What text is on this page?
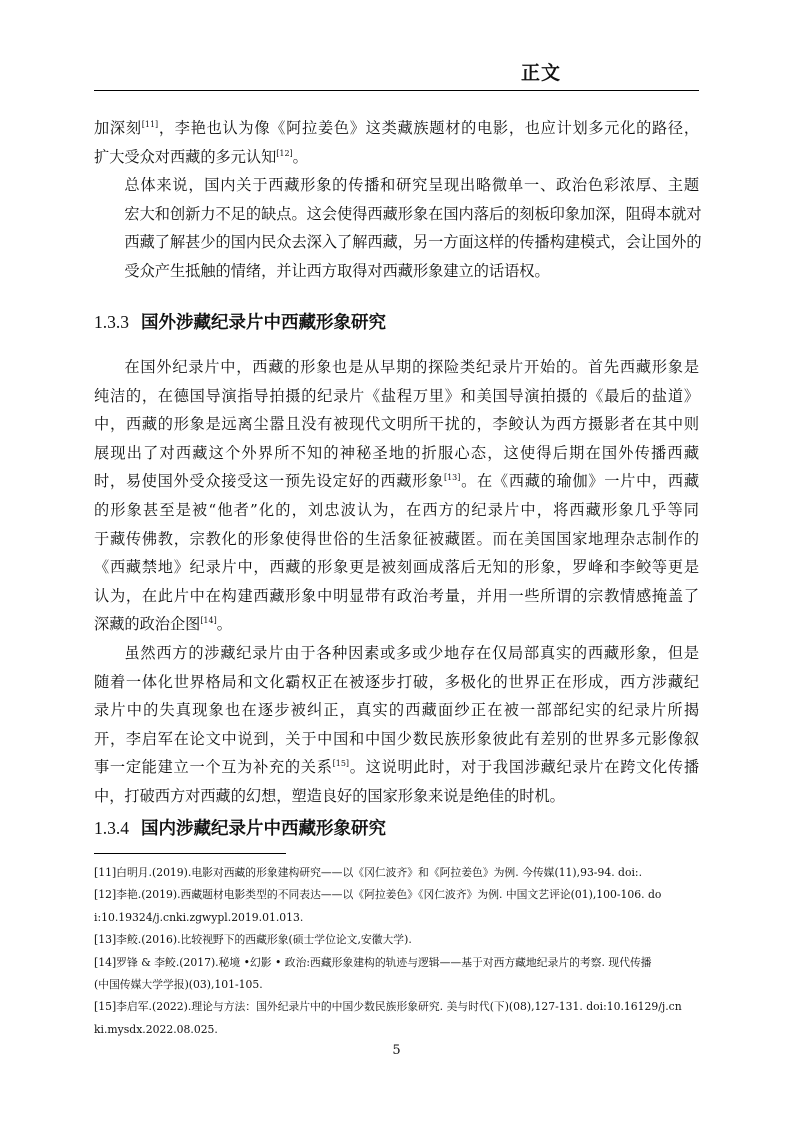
正文
加深刻[11]，李艳也认为像《阿拉姜色》这类藏族题材的电影，也应计划多元化的路径，
扩大受众对西藏的多元认知[12]。
总体来说，国内关于西藏形象的传播和研究呈现出略微单一、政治色彩浓厚、主题
宏大和创新力不足的缺点。这会使得西藏形象在国内落后的刻板印象加深，阻碍本就对
西藏了解甚少的国内民众去深入了解西藏，另一方面这样的传播构建模式，会让国外的
受众产生抵触的情绪，并让西方取得对西藏形象建立的话语权。
1.3.3 国外涉藏纪录片中西藏形象研究
在国外纪录片中，西藏的形象也是从早期的探险类纪录片开始的。首先西藏形象是
纯洁的，在德国导演指导拍摄的纪录片《盐程万里》和美国导演拍摄的《最后的盐道》
中，西藏的形象是远离尘嚣且没有被现代文明所干扰的，李鲛认为西方摄影者在其中则
展现出了对西藏这个外界所不知的神秘圣地的折服心态，这使得后期在国外传播西藏
时，易使国外受众接受这一预先设定好的西藏形象[13]。在《西藏的瑜伽》一片中，西藏
的形象甚至是被“他者”化的，刘忠波认为，在西方的纪录片中，将西藏形象几乎等同
于藏传佛教，宗教化的形象使得世俗的生活象征被藏匿。而在美国国家地理杂志制作的
《西藏禁地》纪录片中，西藏的形象更是被刻画成落后无知的形象，罗峰和李鲛等更是
认为，在此片中在构建西藏形象中明显带有政治考量，并用一些所谓的宗教情感掩盖了
深藏的政治企图[14]。
虽然西方的涉藏纪录片由于各种因素或多或少地存在仅局部真实的西藏形象，但是
随着一体化世界格局和文化霸权正在被逐步打破，多极化的世界正在形成，西方涉藏纪
录片中的失真现象也在逐步被纠正，真实的西藏面纱正在被一部部纪实的纪录片所揭
开，李启军在论文中说到，关于中国和中国少数民族形象彼此有差别的世界多元影像叙
事一定能建立一个互为补充的关系[15]。这说明此时，对于我国涉藏纪录片在跨文化传播
中，打破西方对西藏的幻想，塑造良好的国家形象来说是绝佳的时机。
1.3.4 国内涉藏纪录片中西藏形象研究
[11]白明月.(2019).电影对西藏的形象建构研究——以《冈仁波齐》和《阿拉姜色》为例. 今传媒(11),93-94. doi:.
[12]李艳.(2019).西藏题材电影类型的不同表达——以《阿拉姜色》《冈仁波齐》为例. 中国文艺评论(01),100-106. do
i:10.19324/j.cnki.zgwypl.2019.01.013.
[13]李鲛.(2016).比较视野下的西藏形象(硕士学位论文,安徽大学).
[14]罗锋 & 李鲛.(2017).秘境 •幻影 • 政治:西藏形象建构的轨迹与逻辑——基于对西方藏地纪录片的考察. 现代传播
(中国传媒大学学报)(03),101-105.
[15]李启军.(2022).理论与方法：国外纪录片中的中国少数民族形象研究. 美与时代(下)(08),127-131. doi:10.16129/j.cn
ki.mysdx.2022.08.025.
5
